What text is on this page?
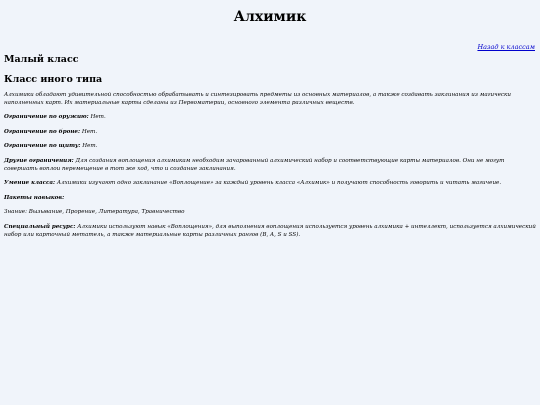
Алхимик
Назад к классам
Малый класс
Класс иного типа

Алхимики обладают удивительной способностью обрабатывать и синтезировать предметы из основных материалов, а также создавать заклинания из магически наполненных карт. Их материальные карты сделаны из Первоматерии, основного элемента различных веществ.

Ограничение по оружию: Нет.

Ограничение по броне: Нет.

Ограничение по щиту: Нет.

Другие ограничения: Для создания воплощения алхимикам необходим зачарованный алхимический набор и соответствующие карты материалов. Они не могут совершать воплои перемещение в тот же ход, что и создание заклинания.

Умение класса: Алхимики изучают одно заклинание «Воплощение» за каждый уровень класса «Алхимик» и получают способность говорить и читать магичеие.

Пакеты навыков:

Знание: Вызывание, Прорение, Литература, Травничество

Специальный ресурс: Алхимики используют навык «Воплощения», для выполнения воплощения используется уровень алхимика + интеллект, используется алхимический набор или карточный метатель, а также материальные карты различных рангов (B, A, S и SS).
